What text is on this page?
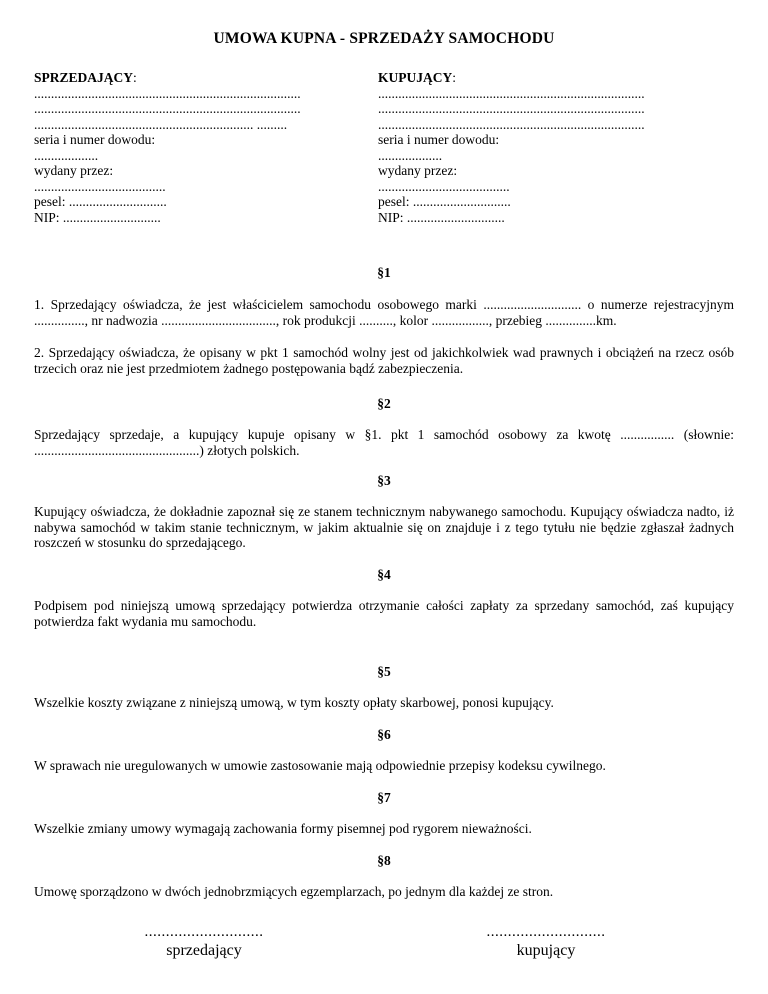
UMOWA KUPNA - SPRZEDAŻY SAMOCHODU
SPRZEDAJĄCY:
...............................................................................
...............................................................................
................................................................. .........
seria i numer dowodu:
...................
wydany przez:
.......................................
pesel: .............................
NIP: .............................
KUPUJĄCY:
...............................................................................
...............................................................................
...............................................................................
seria i numer dowodu:
...................
wydany przez:
.......................................
pesel: .............................
NIP: .............................
§1
1. Sprzedający oświadcza, że jest właścicielem samochodu osobowego marki ............................. o numerze rejestracyjnym ..............., nr nadwozia .................................., rok produkcji .........., kolor ................., przebieg ...............km.
2. Sprzedający oświadcza, że opisany w pkt 1 samochód wolny jest od jakichkolwiek wad prawnych i obciążeń na rzecz osób trzecich oraz nie jest przedmiotem żadnego postępowania bądź zabezpieczenia.
§2
Sprzedający sprzedaje, a kupujący kupuje opisany w §1. pkt 1 samochód osobowy za kwotę ................ (słownie: .................................................) złotych polskich.
§3
Kupujący oświadcza, że dokładnie zapoznał się ze stanem technicznym nabywanego samochodu. Kupujący oświadcza nadto, iż nabywa samochód w takim stanie technicznym, w jakim aktualnie się on znajduje i z tego tytułu nie będzie zgłaszał żadnych roszczeń w stosunku do sprzedającego.
§4
Podpisem pod niniejszą umową sprzedający potwierdza otrzymanie całości zapłaty za sprzedany samochód, zaś kupujący potwierdza fakt wydania mu samochodu.
§5
Wszelkie koszty związane z niniejszą umową, w tym koszty opłaty skarbowej, ponosi kupujący.
§6
W sprawach nie uregulowanych w umowie zastosowanie mają odpowiednie przepisy kodeksu cywilnego.
§7
Wszelkie zmiany umowy wymagają zachowania formy pisemnej pod rygorem nieważności.
§8
Umowę sporządzono w dwóch jednobrzmiących egzemplarzach, po jednym dla każdej ze stron.
............................
sprzedający
............................
kupujący
